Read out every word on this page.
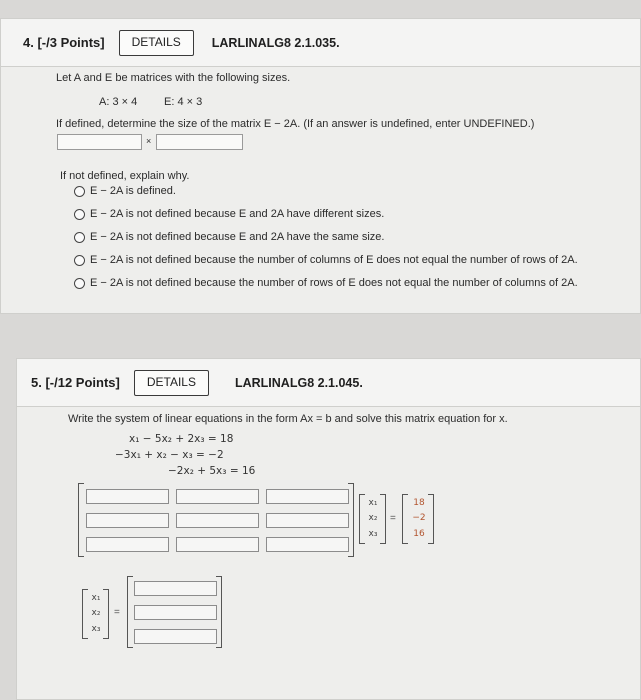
4. [-/3 Points]	DETAILS	LARLINALG8 2.1.035.
Let A and E be matrices with the following sizes.
A: 3 × 4 E: 4 × 3
If defined, determine the size of the matrix E − 2A. (If an answer is undefined, enter UNDEFINED.)
×
If not defined, explain why.
E − 2A is defined.
E − 2A is not defined because E and 2A have different sizes.
E − 2A is not defined because E and 2A have the same size.
E − 2A is not defined because the number of columns of E does not equal the number of rows of 2A.
E − 2A is not defined because the number of rows of E does not equal the number of columns of 2A.
5. [-/12 Points]	DETAILS	LARLINALG8 2.1.045.
Write the system of linear equations in the form Ax = b and solve this matrix equation for x.
x₁ − 5x₂ + 2x₃ = 18
−3x₁ + x₂ − x₃ = −2
−2x₂ + 5x₃ = 16
x₁
x₂
x₃
=
18
−2
16
x₁
x₂
x₃
=
